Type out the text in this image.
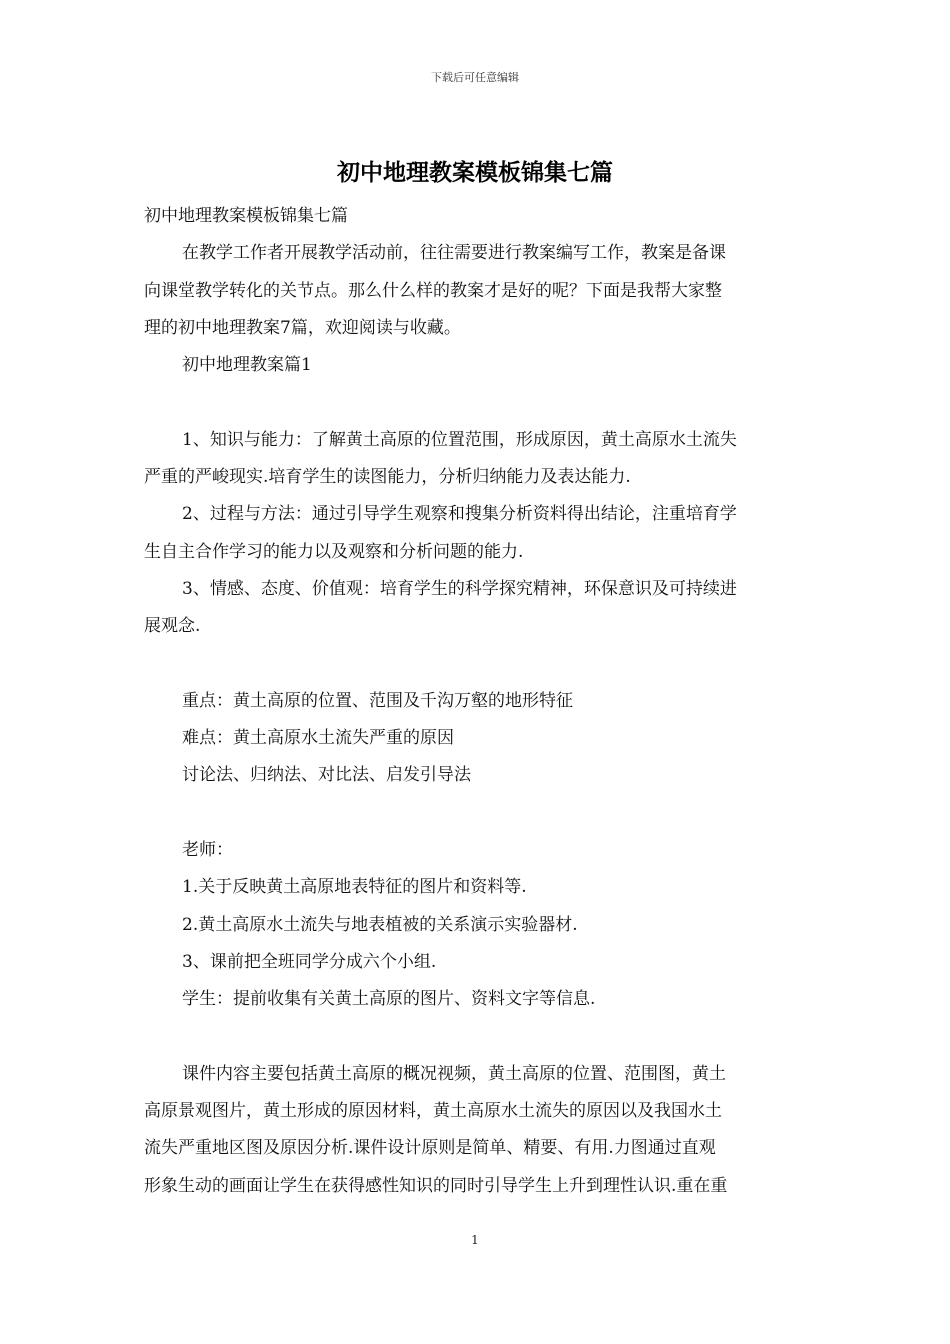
下载后可任意编辑
初中地理教案模板锦集七篇

初中地理教案模板锦集七篇

在教学工作者开展教学活动前，往往需要进行教案编写工作，教案是备课

向课堂教学转化的关节点。那么什么样的教案才是好的呢？下面是我帮大家整

理的初中地理教案7篇，欢迎阅读与收藏。

初中地理教案篇1

1、知识与能力：了解黄土高原的位置范围，形成原因，黄土高原水土流失

严重的严峻现实.培育学生的读图能力，分析归纳能力及表达能力.

2、过程与方法：通过引导学生观察和搜集分析资料得出结论，注重培育学

生自主合作学习的能力以及观察和分析问题的能力.

3、情感、态度、价值观：培育学生的科学探究精神，环保意识及可持续进

展观念.

重点：黄土高原的位置、范围及千沟万壑的地形特征

难点：黄土高原水土流失严重的原因

讨论法、归纳法、对比法、启发引导法

老师：

1.关于反映黄土高原地表特征的图片和资料等.

2.黄土高原水土流失与地表植被的关系演示实验器材.

3、课前把全班同学分成六个小组.

学生：提前收集有关黄土高原的图片、资料文字等信息.

课件内容主要包括黄土高原的概况视频，黄土高原的位置、范围图，黄土

高原景观图片，黄土形成的原因材料，黄土高原水土流失的原因以及我国水土

流失严重地区图及原因分析.课件设计原则是简单、精要、有用.力图通过直观

形象生动的画面让学生在获得感性知识的同时引导学生上升到理性认识.重在重

1
